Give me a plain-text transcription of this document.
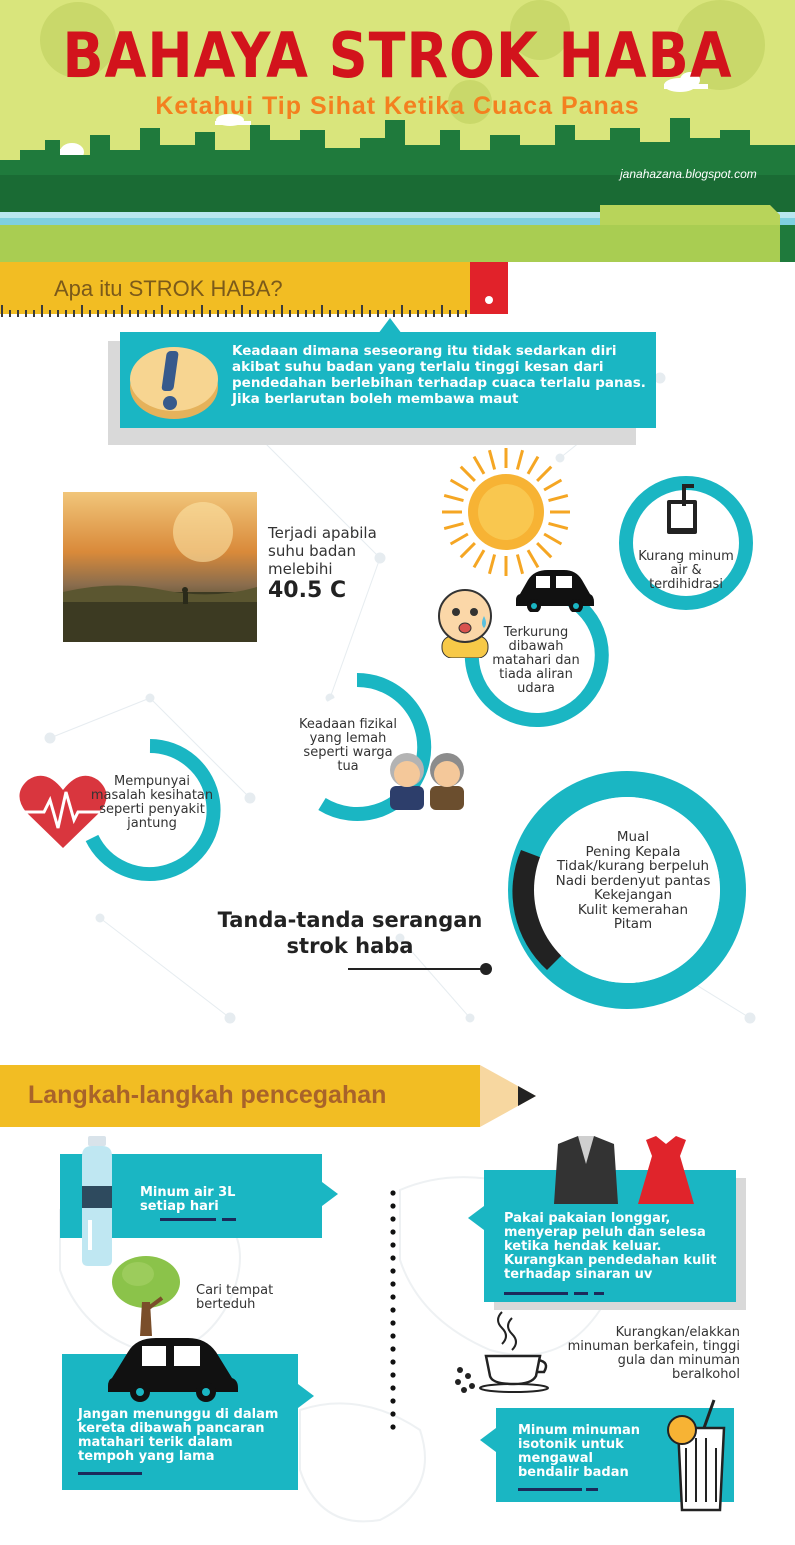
BAHAYA STROK HABA
Ketahui Tip Sihat Ketika Cuaca Panas
janahazana.blogspot.com
Apa itu STROK HABA?
Keadaan dimana seseorang itu tidak sedarkan diri akibat suhu badan yang terlalu tinggi kesan dari pendedahan berlebihan terhadap cuaca terlalu panas. Jika berlarutan boleh membawa maut
Terjadi apabila suhu badan melebihi
40.5 C
Kurang minum air & terdihidrasi
Terkurung dibawah matahari dan tiada aliran udara
Keadaan fizikal yang lemah seperti warga tua
Mempunyai masalah kesihatan seperti penyakit jantung
Mual
Pening Kepala
Tidak/kurang berpeluh
Nadi berdenyut pantas
Kekejangan
Kulit kemerahan
Pitam
Tanda-tanda serangan strok haba
Langkah-langkah pencegahan
Minum air 3L setiap hari
Cari tempat berteduh
Jangan menunggu di dalam kereta dibawah pancaran matahari terik dalam tempoh yang lama
Pakai pakaian longgar, menyerap peluh dan selesa ketika hendak keluar. Kurangkan pendedahan kulit terhadap sinaran uv
Kurangkan/elakkan minuman berkafein, tinggi gula dan minuman beralkohol
Minum minuman isotonik untuk mengawal bendalir badan
